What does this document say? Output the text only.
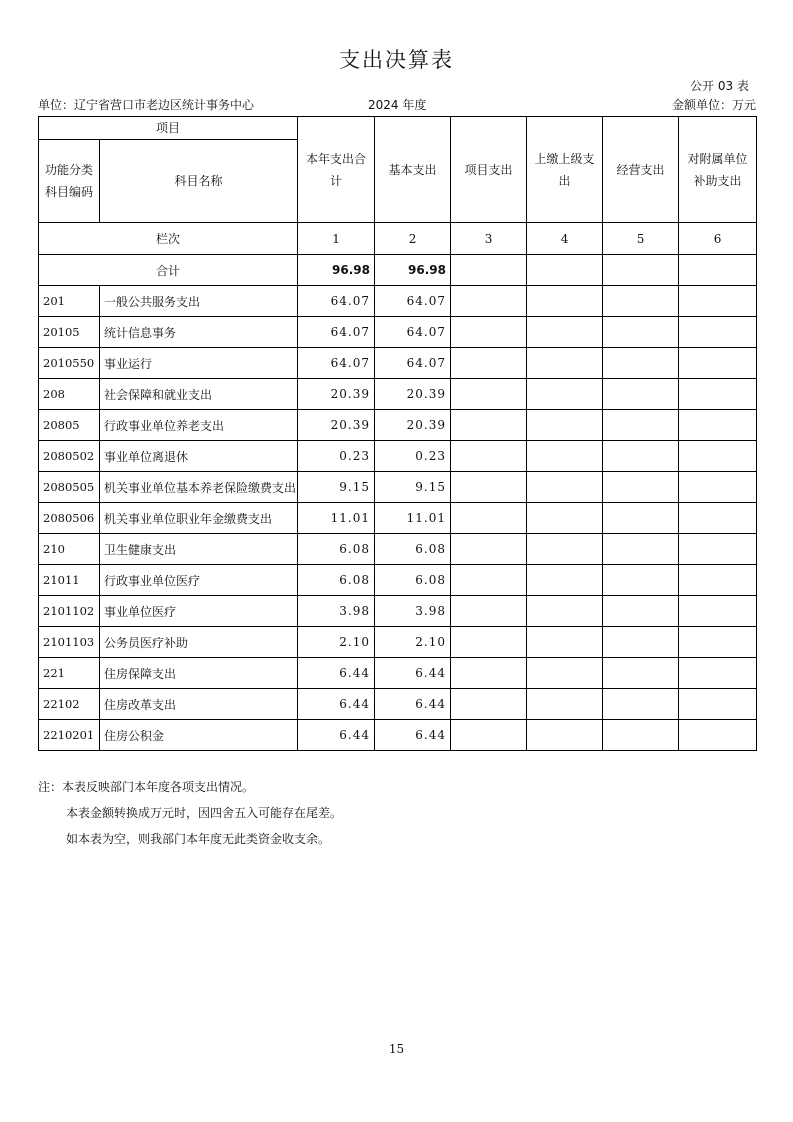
支出决算表
公开 03 表
单位：辽宁省营口市老边区统计事务中心	2024 年度	金额单位：万元
项目		本年支出合计	基本支出	项目支出	上缴上级支出	经营支出	对附属单位补助支出
功能分类科目编码	科目名称						
栏次		1	2	3	4	5	6
合计		96.98	96.98				
201	一般公共服务支出	64.07	64.07				
20105	统计信息事务	64.07	64.07				
2010550	事业运行	64.07	64.07				
208	社会保障和就业支出	20.39	20.39				
20805	行政事业单位养老支出	20.39	20.39				
2080502	事业单位离退休	0.23	0.23				
2080505	机关事业单位基本养老保险缴费支出	9.15	9.15				
2080506	机关事业单位职业年金缴费支出	11.01	11.01				
210	卫生健康支出	6.08	6.08				
21011	行政事业单位医疗	6.08	6.08				
2101102	事业单位医疗	3.98	3.98				
2101103	公务员医疗补助	2.10	2.10				
221	住房保障支出	6.44	6.44				
22102	住房改革支出	6.44	6.44				
2210201	住房公积金	6.44	6.44				
注：本表反映部门本年度各项支出情况。
本表金额转换成万元时，因四舍五入可能存在尾差。
如本表为空，则我部门本年度无此类资金收支余。
15
